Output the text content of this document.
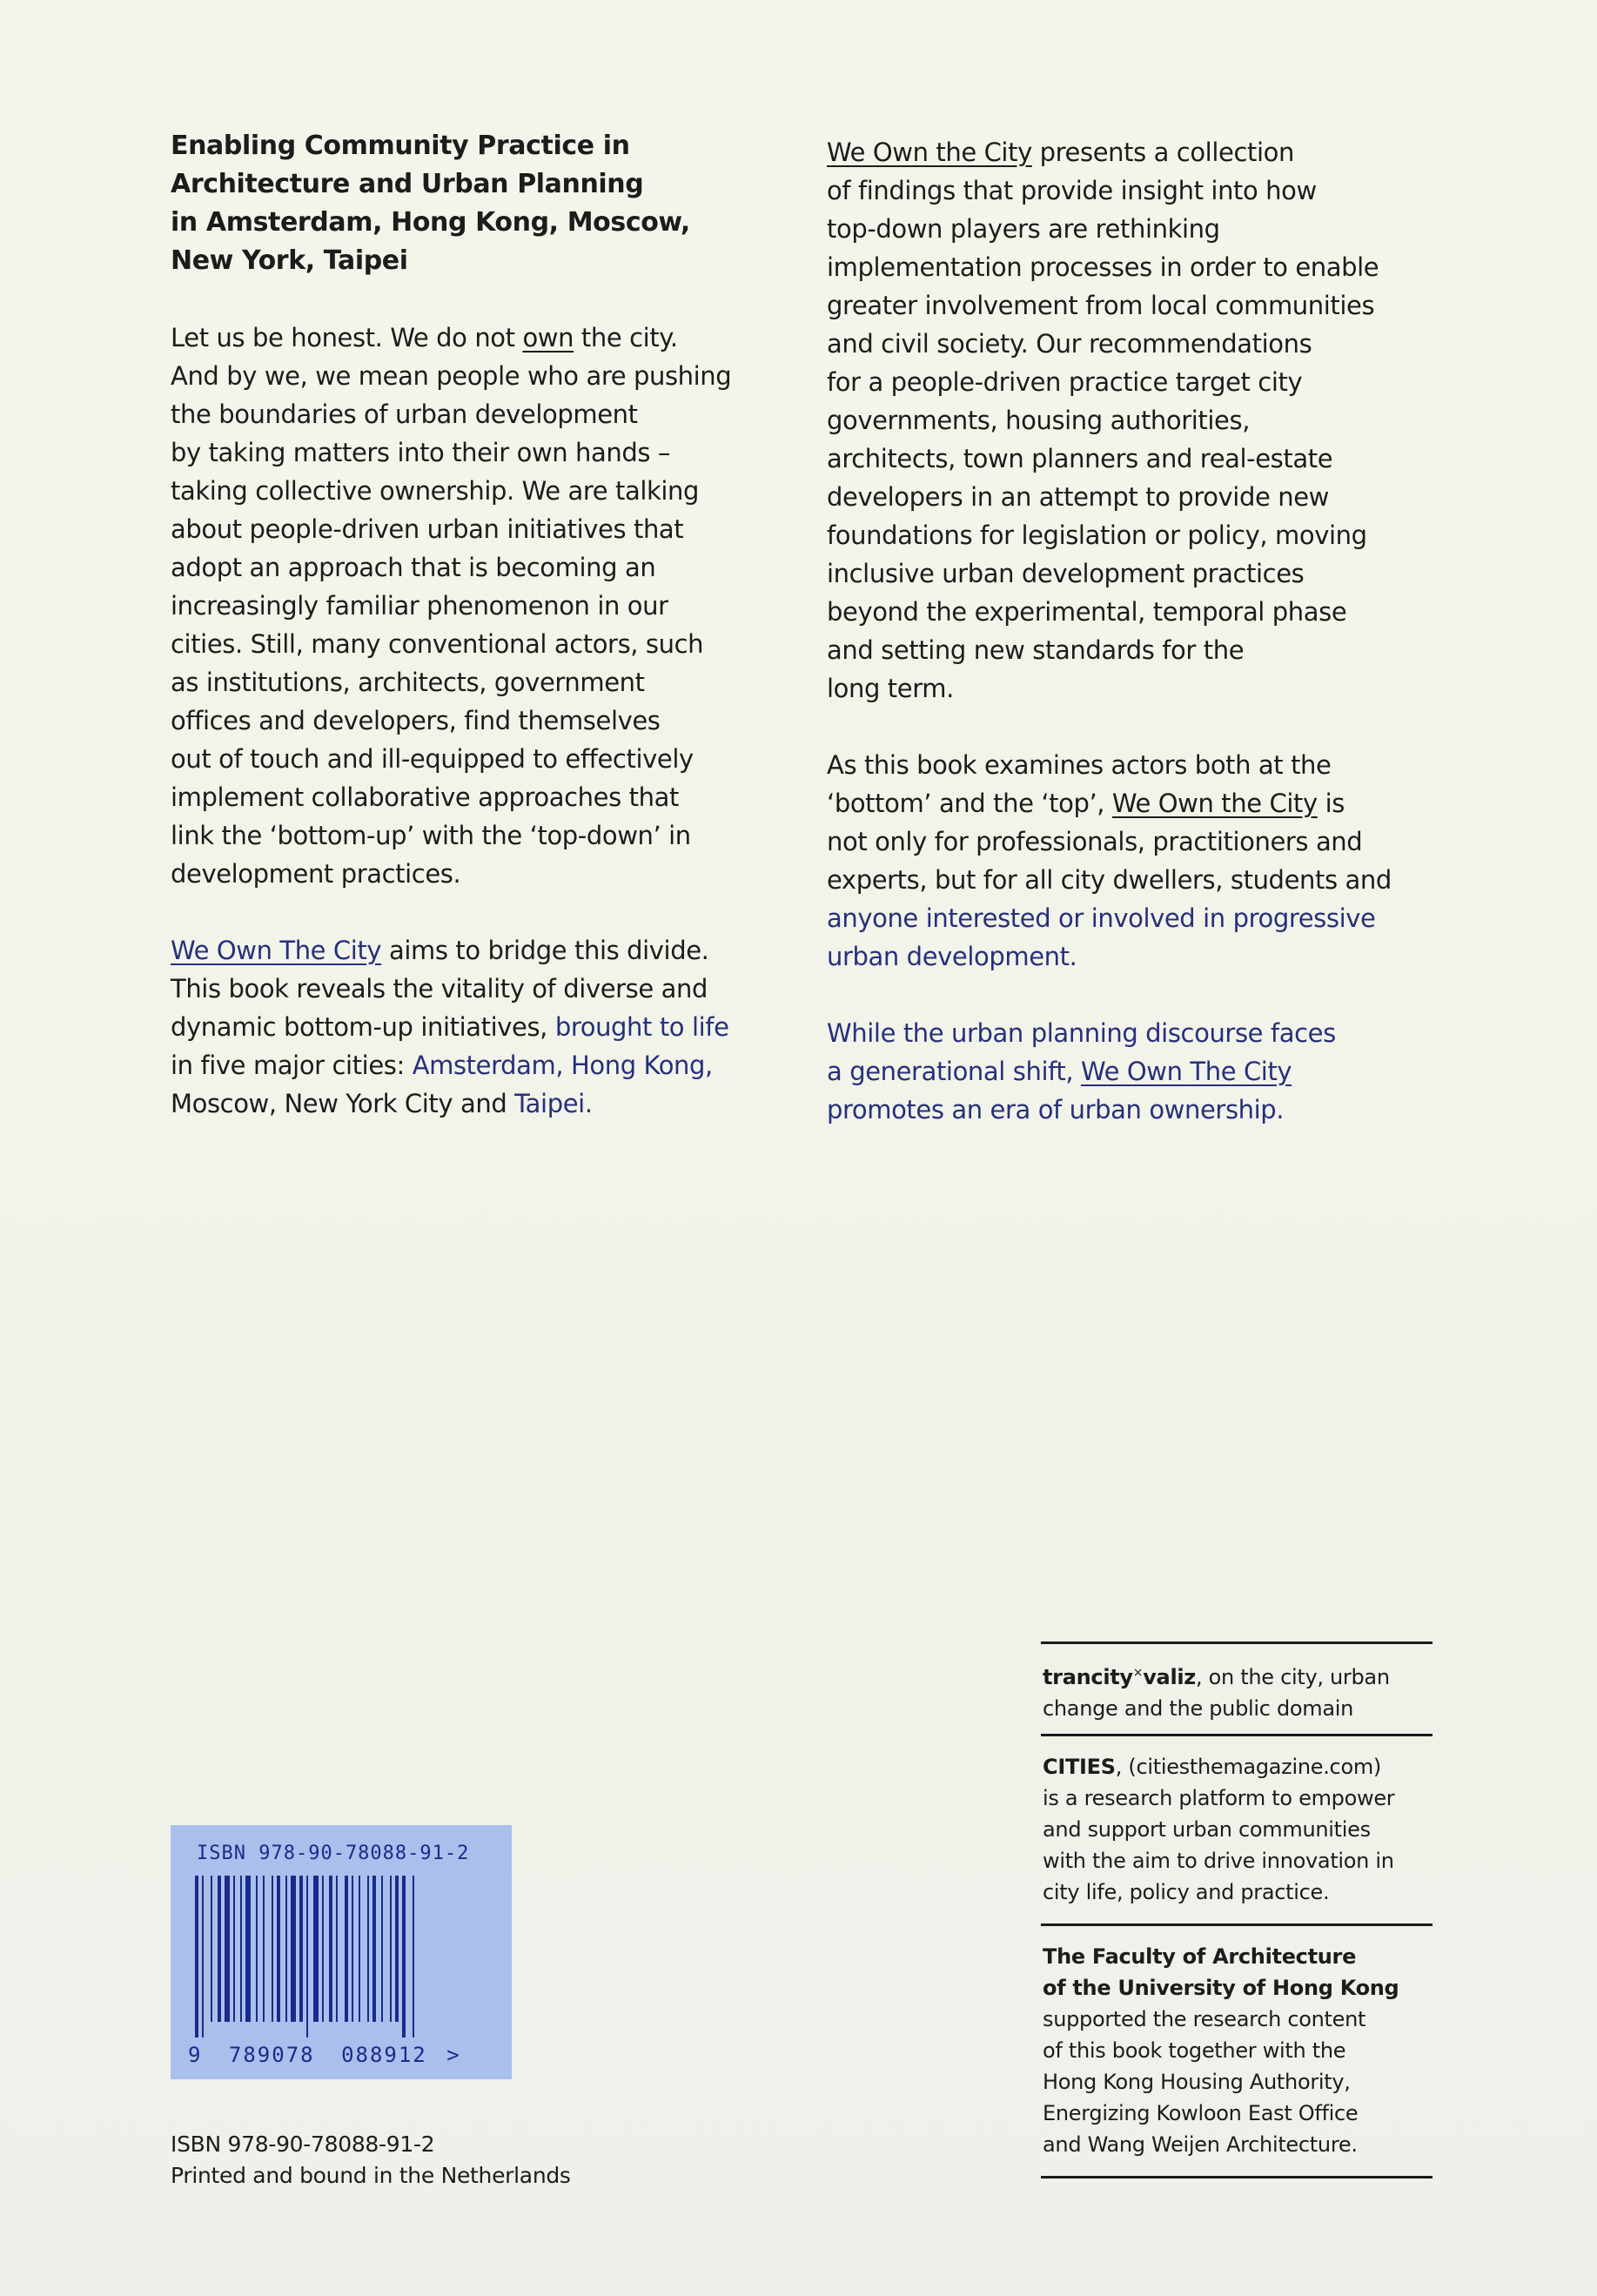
Enabling Community Practice in
Architecture and Urban Planning
in Amsterdam, Hong Kong, Moscow,
New York, Taipei
Let us be honest. We do not own the city.
And by we, we mean people who are pushing
the boundaries of urban development
by taking matters into their own hands –
taking collective ownership. We are talking
about people-driven urban initiatives that
adopt an approach that is becoming an
increasingly familiar phenomenon in our
cities. Still, many conventional actors, such
as institutions, architects, government
offices and developers, find themselves
out of touch and ill-equipped to effectively
implement collaborative approaches that
link the ‘bottom-up’ with the ‘top-down’ in
development practices.
We Own The City aims to bridge this divide.
This book reveals the vitality of diverse and
dynamic bottom-up initiatives, brought to life
in five major cities: Amsterdam, Hong Kong,
Moscow, New York City and Taipei.
We Own the City presents a collection
of findings that provide insight into how
top-down players are rethinking
implementation processes in order to enable
greater involvement from local communities
and civil society. Our recommendations
for a people-driven practice target city
governments, housing authorities,
architects, town planners and real-estate
developers in an attempt to provide new
foundations for legislation or policy, moving
inclusive urban development practices
beyond the experimental, temporal phase
and setting new standards for the
long term.
As this book examines actors both at the
‘bottom’ and the ‘top’, We Own the City is
not only for professionals, practitioners and
experts, but for all city dwellers, students and
anyone interested or involved in progressive
urban development.
While the urban planning discourse faces
a generational shift, We Own The City
promotes an era of urban ownership.
trancity×valiz, on the city, urban
change and the public domain
CITIES, (citiesthemagazine.com)
is a research platform to empower
and support urban communities
with the aim to drive innovation in
city life, policy and practice.
The Faculty of Architecture
of the University of Hong Kong
supported the research content
of this book together with the
Hong Kong Housing Authority,
Energizing Kowloon East Office
and Wang Weijen Architecture.
ISBN 978-90-78088-91-2
9 789078 088912 >
ISBN 978-90-78088-91-2
Printed and bound in the Netherlands
